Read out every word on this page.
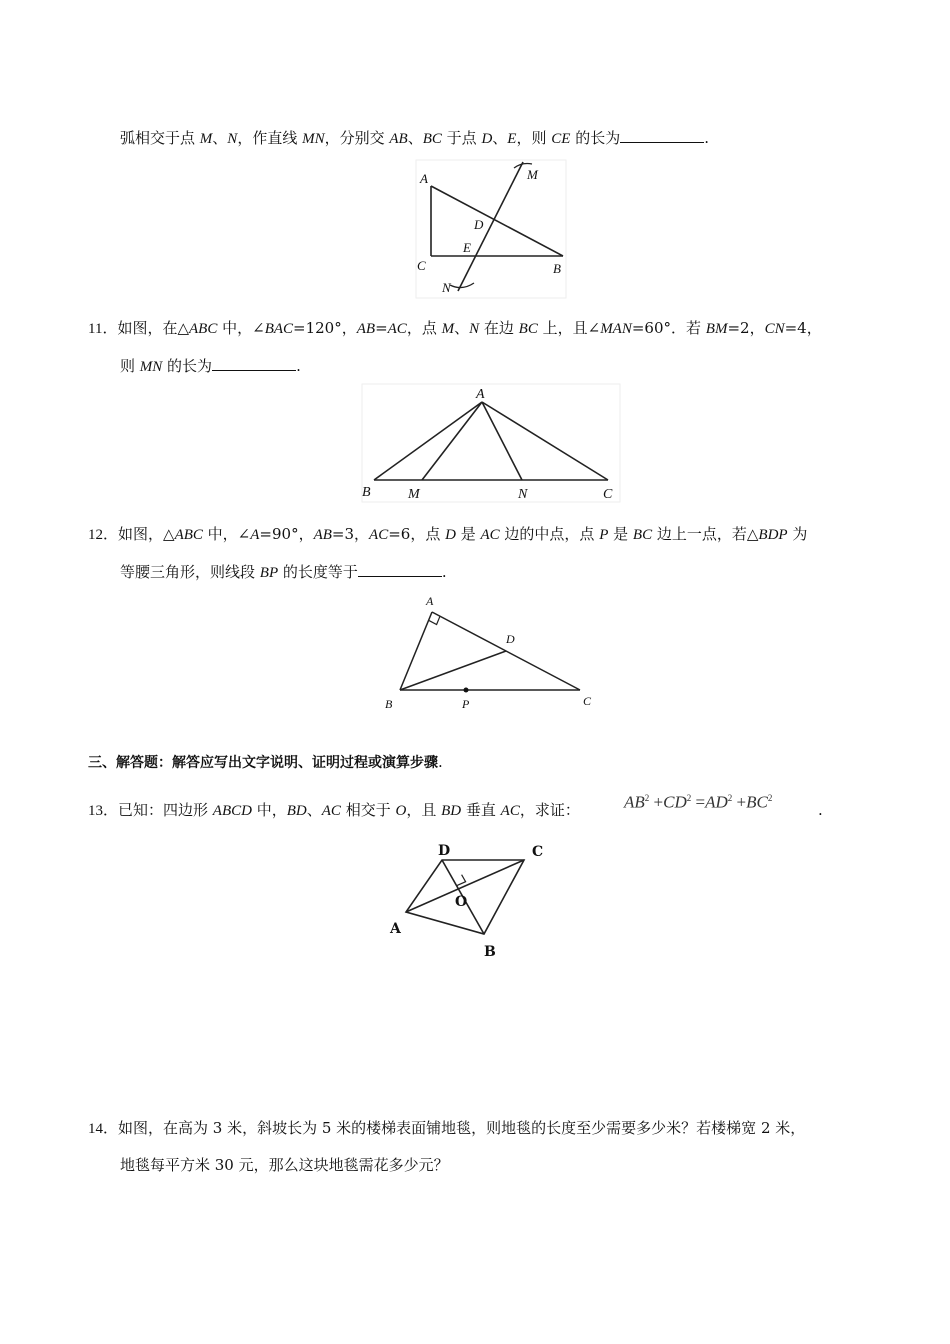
弧相交于点 M、N，作直线 MN，分别交 AB、BC 于点 D、E，则 CE 的长为	.
A
C	B
D
E
M
N
11．如图，在△ABC 中，∠BAC=120°，AB=AC，点 M、N 在边 BC 上，且∠MAN=60°．若 BM=2，CN=4，
则 MN 的长为	.
A
B	M	N	C
12．如图，△ABC 中，∠A=90°，AB=3，AC=6，点 D 是 AC 边的中点，点 P 是 BC 边上一点，若△BDP 为
等腰三角形，则线段 BP 的长度等于	.
A
D
B	P	C
三、解答题：解答应写出文字说明、证明过程或演算步骤.
13．已知：四边形 ABCD 中，BD、AC 相交于 O，且 BD 垂直 AC，求证：	$AB^2 +CD^2 =AD^2 +BC^2$
.
D	C
O
A
B
14．如图，在高为 3 米，斜坡长为 5 米的楼梯表面铺地毯，则地毯的长度至少需要多少米？若楼梯宽 2 米，
地毯每平方米 30 元，那么这块地毯需花多少元？
